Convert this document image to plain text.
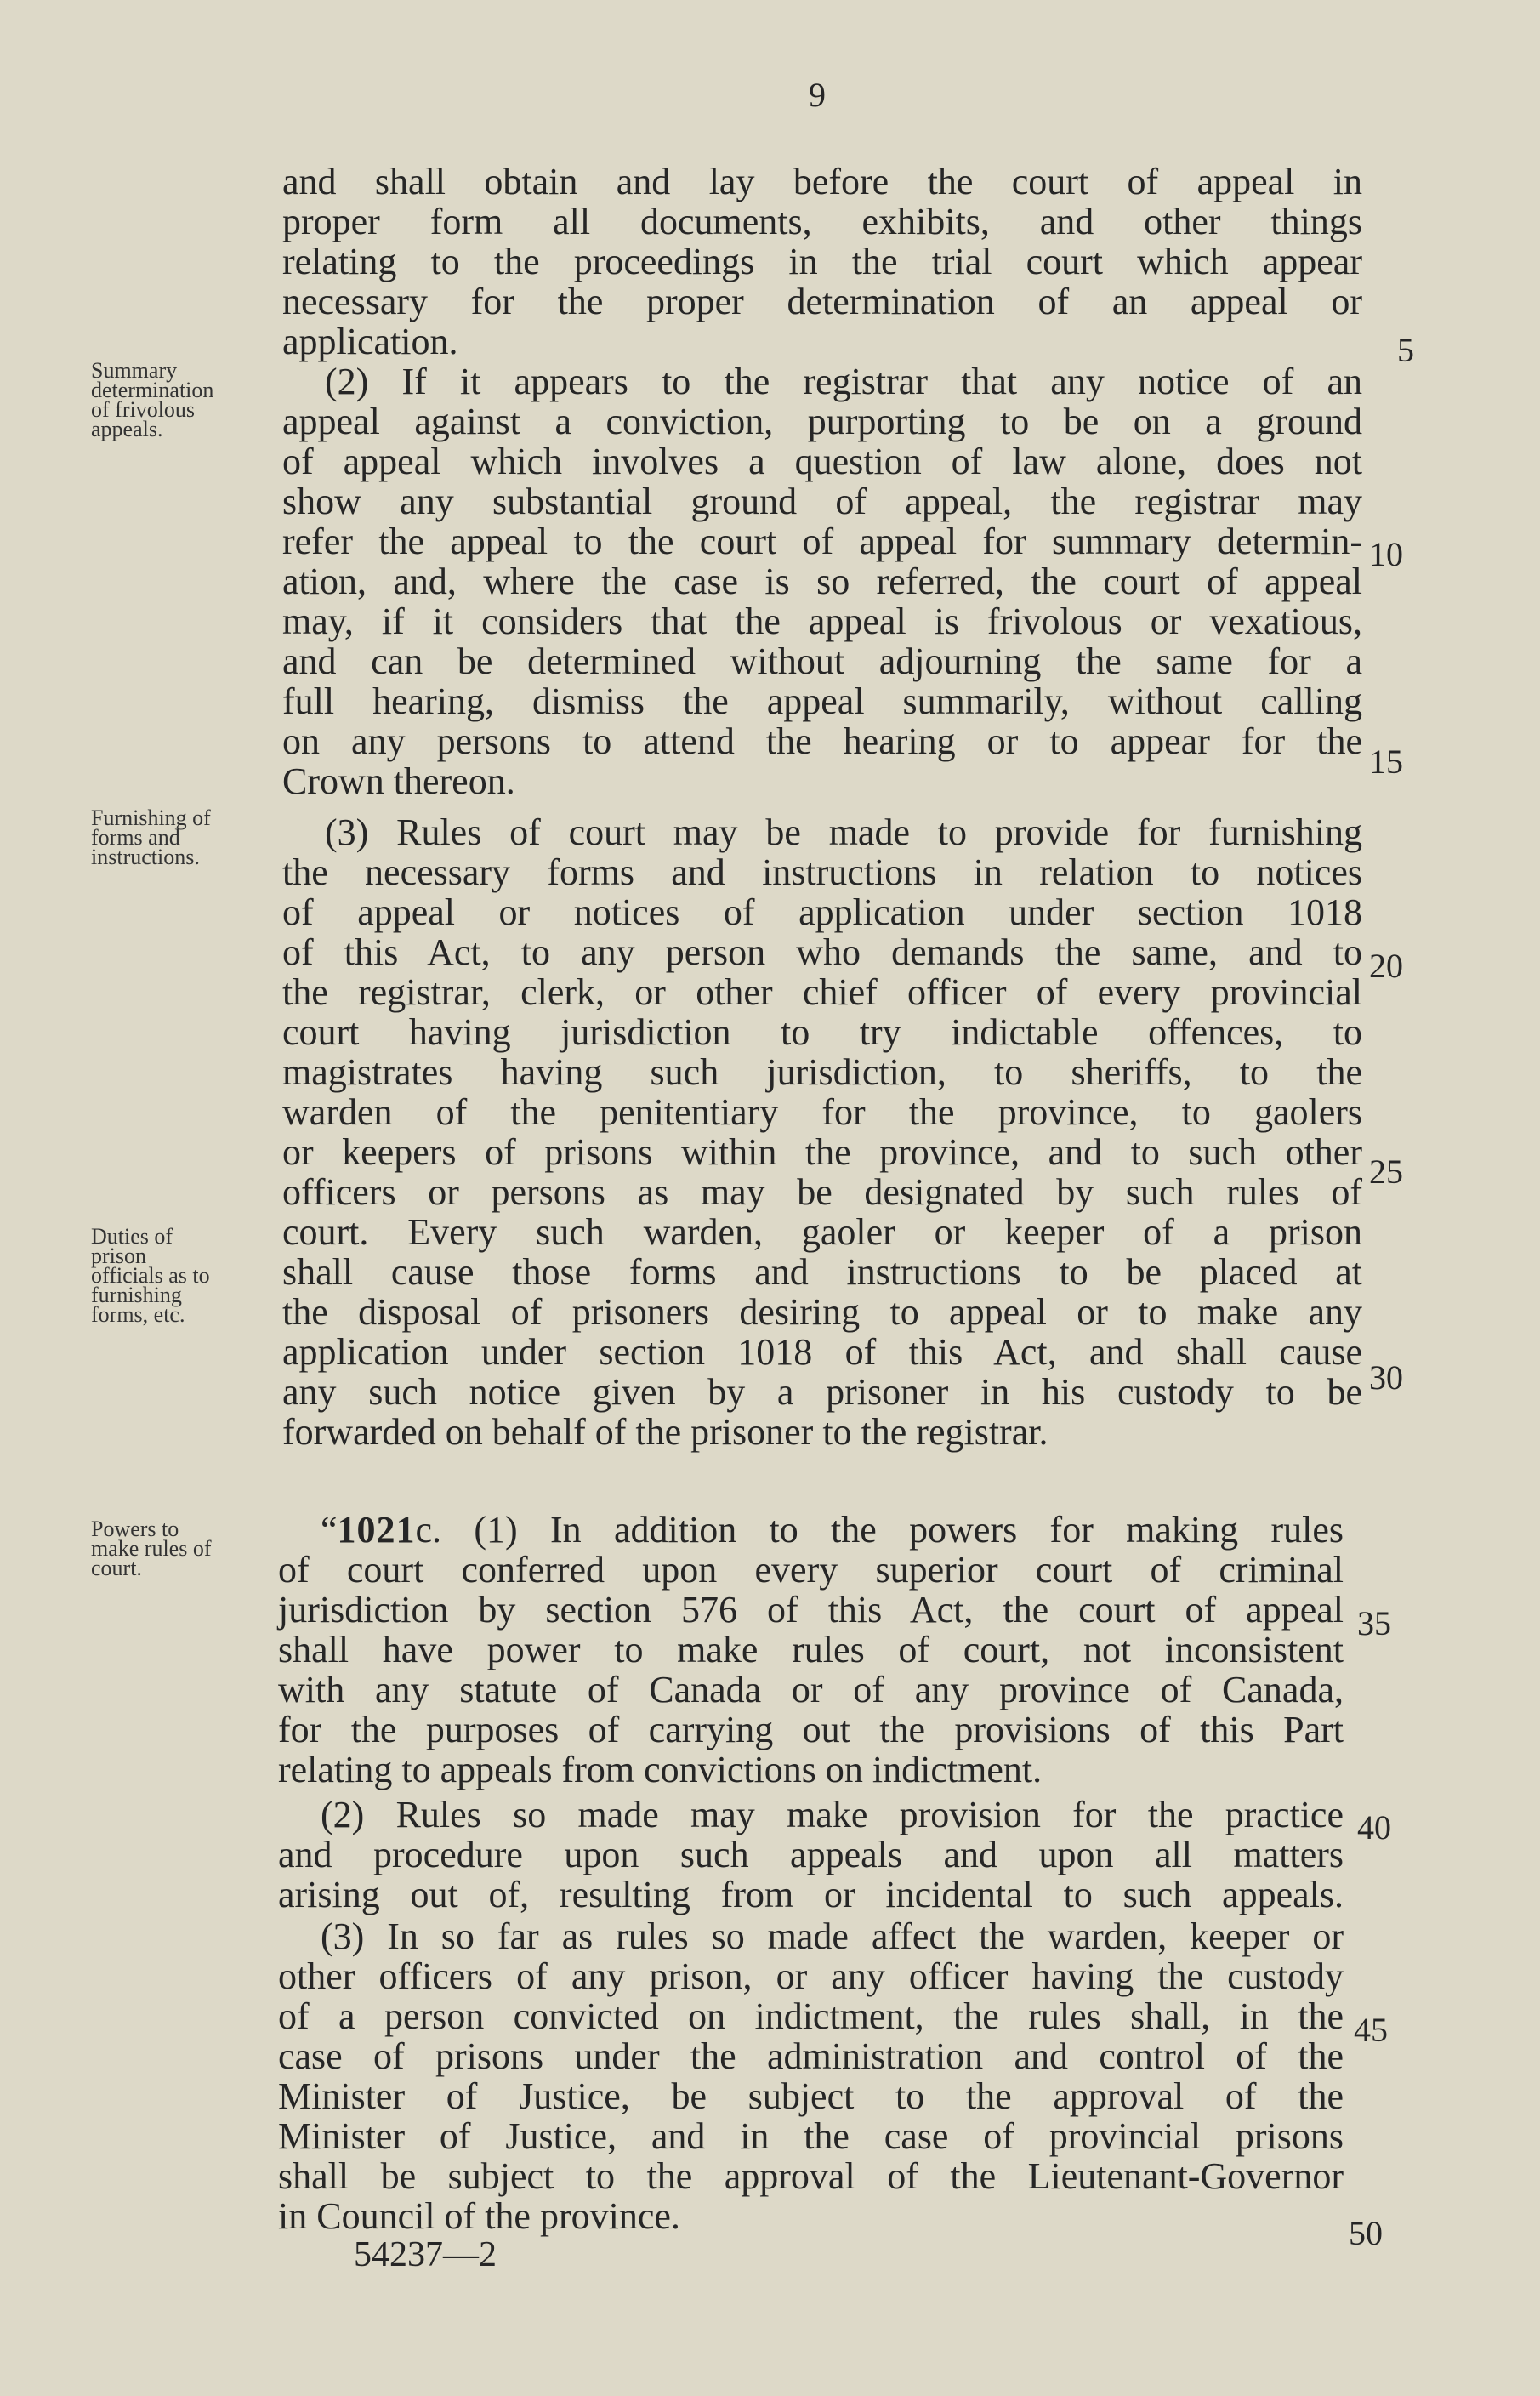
9
Summary
determination
of frivolous
appeals.
Furnishing of
forms and
instructions.
Duties of
prison
officials as to
furnishing
forms, etc.
Powers to
make rules of
court.
and shall obtain and lay before the court of appeal in
proper form all documents, exhibits, and other things
relating to the proceedings in the trial court which appear
necessary for the proper determination of an appeal or
application.
(2) If it appears to the registrar that any notice of an
appeal against a conviction, purporting to be on a ground
of appeal which involves a question of law alone, does not
show any substantial ground of appeal, the registrar may
refer the appeal to the court of appeal for summary determin-
ation, and, where the case is so referred, the court of appeal
may, if it considers that the appeal is frivolous or vexatious,
and can be determined without adjourning the same for a
full hearing, dismiss the appeal summarily, without calling
on any persons to attend the hearing or to appear for the
Crown thereon.
(3) Rules of court may be made to provide for furnishing
the necessary forms and instructions in relation to notices
of appeal or notices of application under section 1018
of this Act, to any person who demands the same, and to
the registrar, clerk, or other chief officer of every provincial
court having jurisdiction to try indictable offences, to
magistrates having such jurisdiction, to sheriffs, to the
warden of the penitentiary for the province, to gaolers
or keepers of prisons within the province, and to such other
officers or persons as may be designated by such rules of
court. Every such warden, gaoler or keeper of a prison
shall cause those forms and instructions to be placed at
the disposal of prisoners desiring to appeal or to make any
application under section 1018 of this Act, and shall cause
any such notice given by a prisoner in his custody to be
forwarded on behalf of the prisoner to the registrar.
“1021c. (1) In addition to the powers for making rules
of court conferred upon every superior court of criminal
jurisdiction by section 576 of this Act, the court of appeal
shall have power to make rules of court, not inconsistent
with any statute of Canada or of any province of Canada,
for the purposes of carrying out the provisions of this Part
relating to appeals from convictions on indictment.
(2) Rules so made may make provision for the practice
and procedure upon such appeals and upon all matters
arising out of, resulting from or incidental to such appeals.
(3) In so far as rules so made affect the warden, keeper or
other officers of any prison, or any officer having the custody
of a person convicted on indictment, the rules shall, in the
case of prisons under the administration and control of the
Minister of Justice, be subject to the approval of the
Minister of Justice, and in the case of provincial prisons
shall be subject to the approval of the Lieutenant-Governor
in Council of the province.
5
10
15
20
25
30
35
40
45
50
54237—2
